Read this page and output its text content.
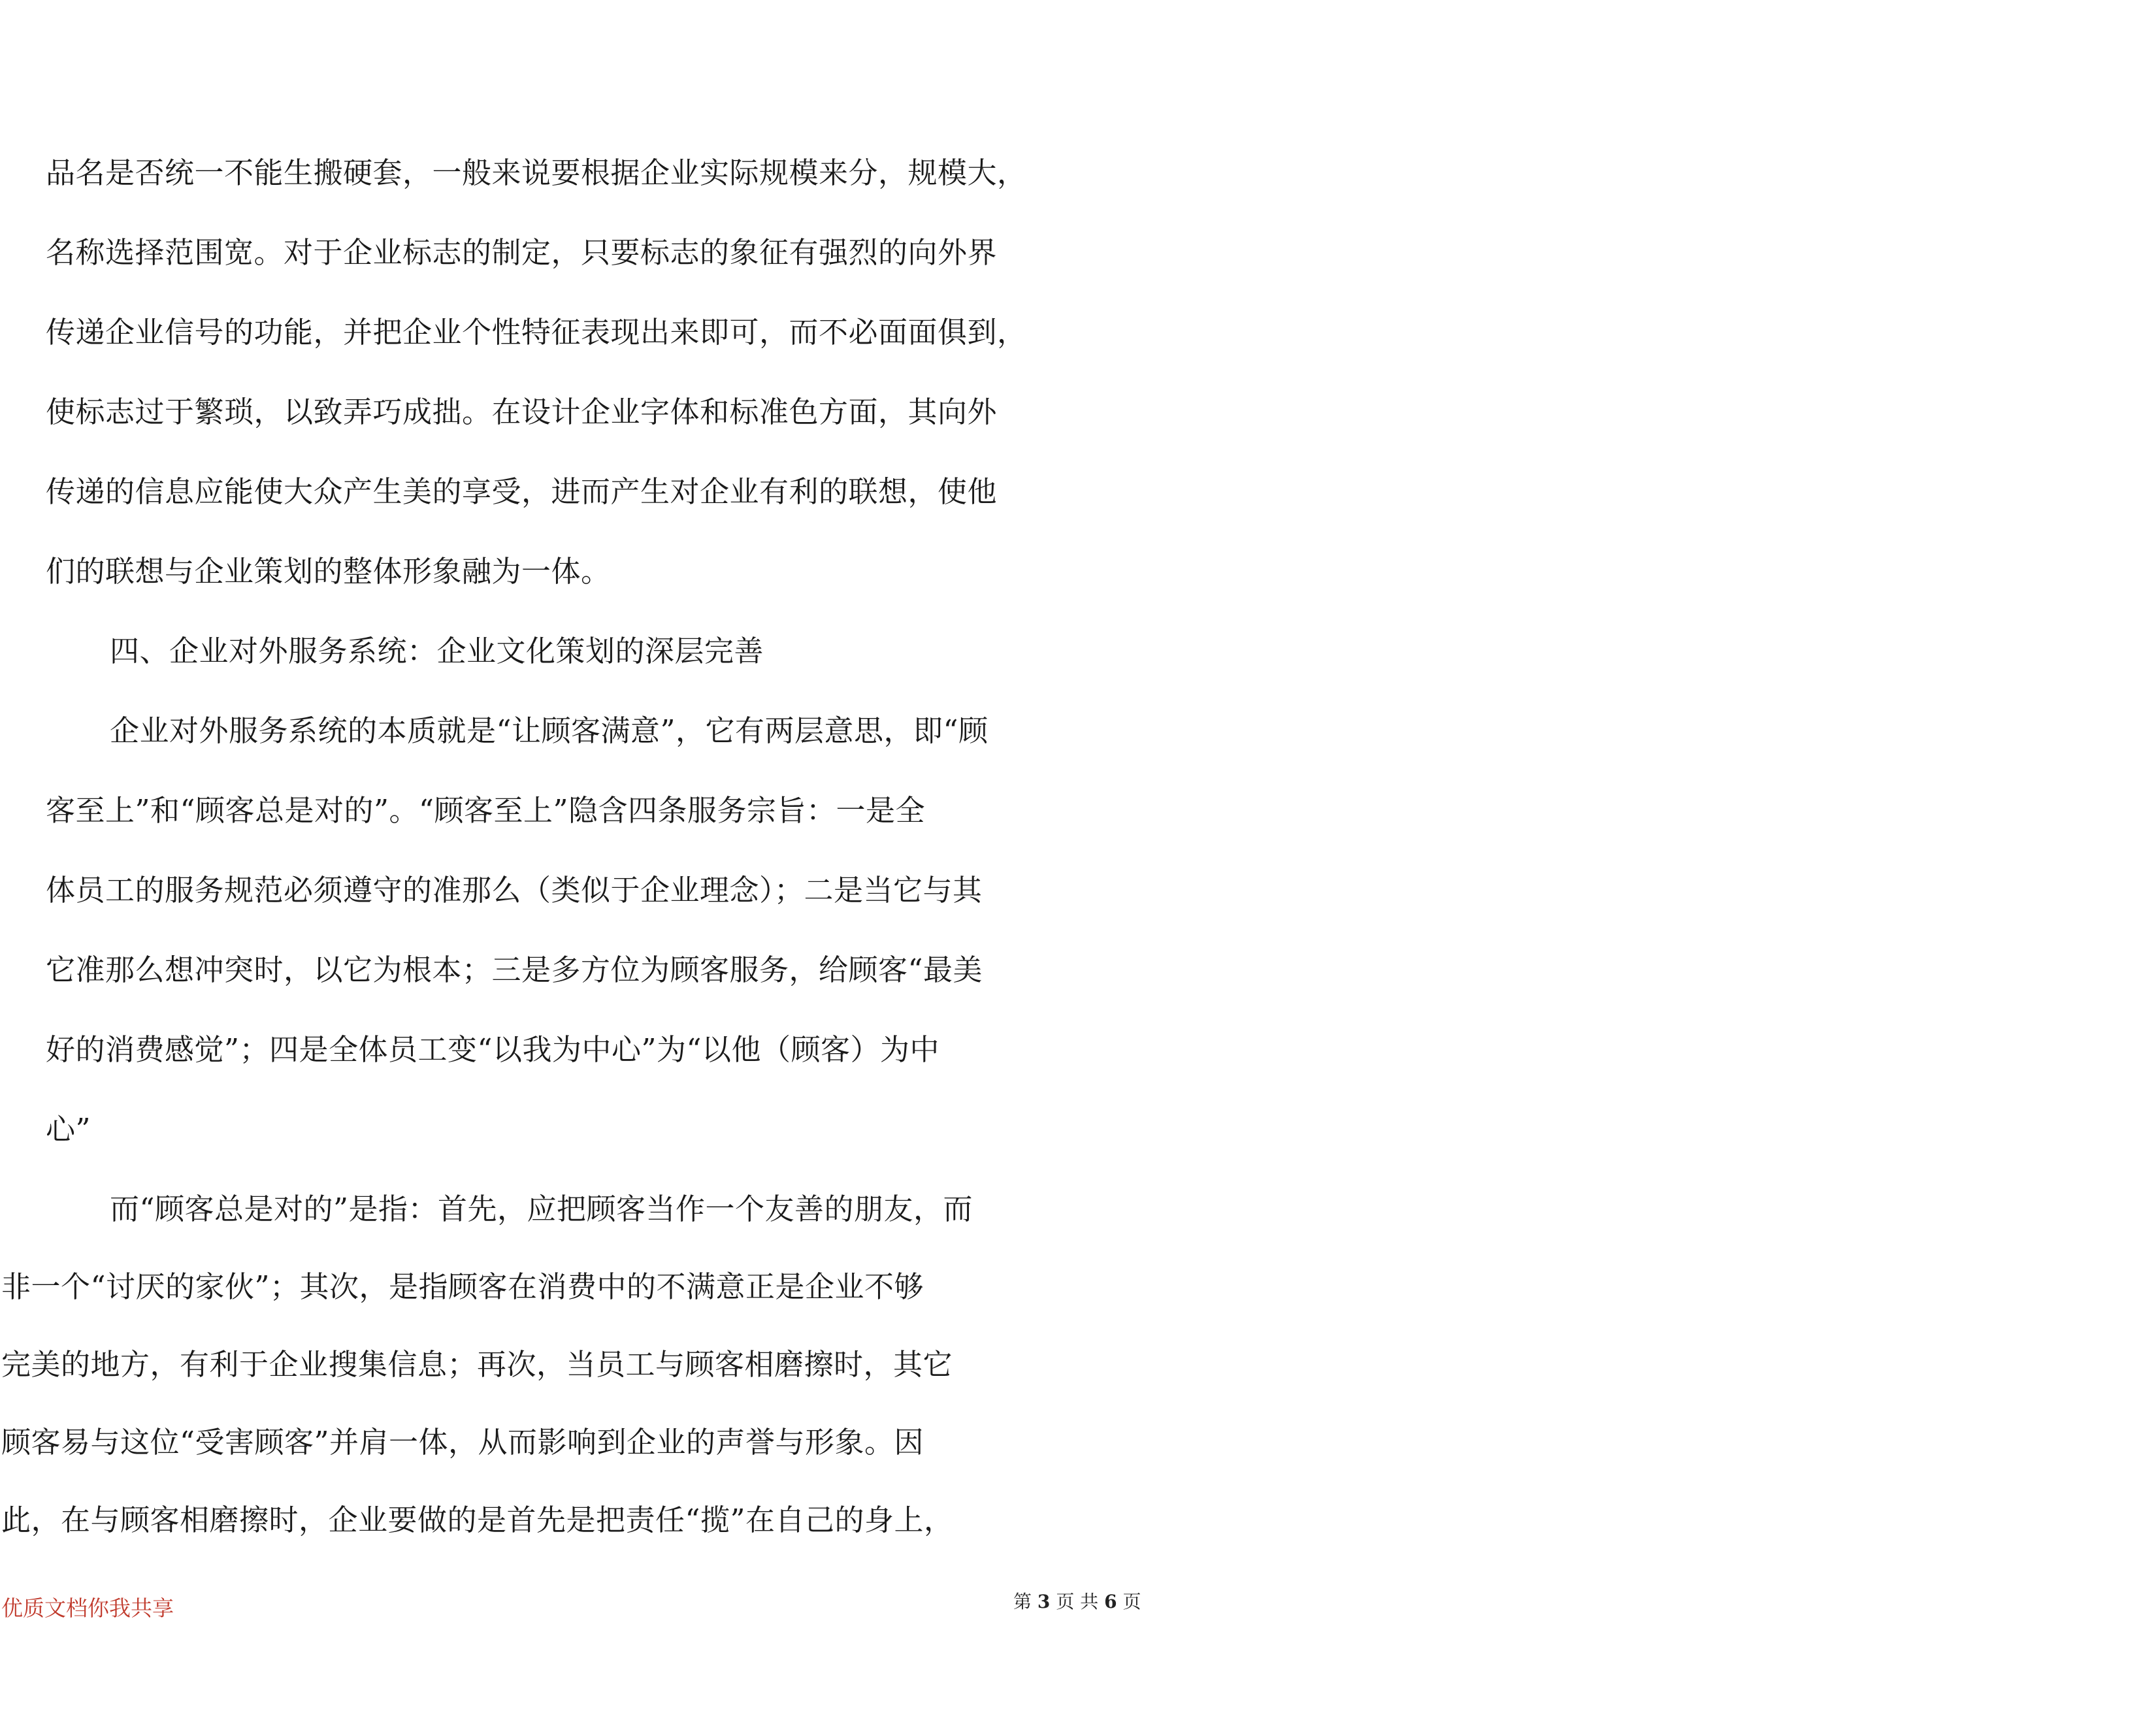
品名是否统一不能生搬硬套，一般来说要根据企业实际规模来分，规模大，
名称选择范围宽。对于企业标志的制定，只要标志的象征有强烈的向外界
传递企业信号的功能，并把企业个性特征表现出来即可，而不必面面俱到，
使标志过于繁琐，以致弄巧成拙。在设计企业字体和标准色方面，其向外
传递的信息应能使大众产生美的享受，进而产生对企业有利的联想，使他
们的联想与企业策划的整体形象融为一体。
四、企业对外服务系统：企业文化策划的深层完善
企业对外服务系统的本质就是“让顾客满意”，它有两层意思，即“顾
客至上”和“顾客总是对的”。“顾客至上”隐含四条服务宗旨：一是全
体员工的服务规范必须遵守的准那么（类似于企业理念）；二是当它与其
它准那么想冲突时，以它为根本；三是多方位为顾客服务，给顾客“最美
好的消费感觉”；四是全体员工变“以我为中心”为“以他（顾客）为中
心”
而“顾客总是对的”是指：首先，应把顾客当作一个友善的朋友，而
非一个“讨厌的家伙”；其次，是指顾客在消费中的不满意正是企业不够
完美的地方，有利于企业搜集信息；再次，当员工与顾客相磨擦时，其它
顾客易与这位“受害顾客”并肩一体，从而影响到企业的声誉与形象。因
此，在与顾客相磨擦时，企业要做的是首先是把责任“揽”在自己的身上，
优质文档你我共享	第 3 页 共 6 页
